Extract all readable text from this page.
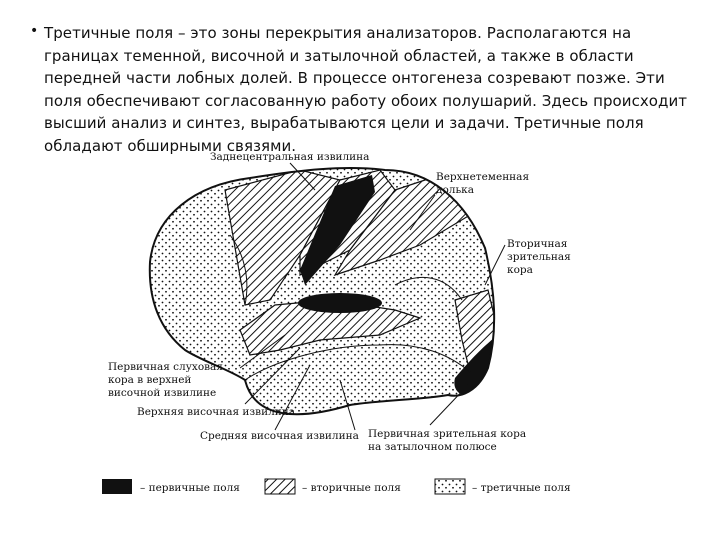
• Третичные поля – это зоны перекрытия анализаторов. Располагаются на границах теменной, височной и затылочной областей, а также в области передней части лобных долей. В процессе онтогенеза созревают позже. Эти поля обеспечивают согласованную работу обоих полушарий. Здесь происходит высший анализ и синтез, вырабатываются цели и задачи. Третичные поля обладают обширными связями.
Заднецентральная извилина
Верхнетеменная
долька
Вторичная
зрительная
кора
Первичная слуховая
кора в верхней
височной извилине
Верхняя височная извилина
Средняя височная извилина Первичная зрительная кора
на затылочном полюсе
– первичные поля	– вторичные поля	– третичные поля
